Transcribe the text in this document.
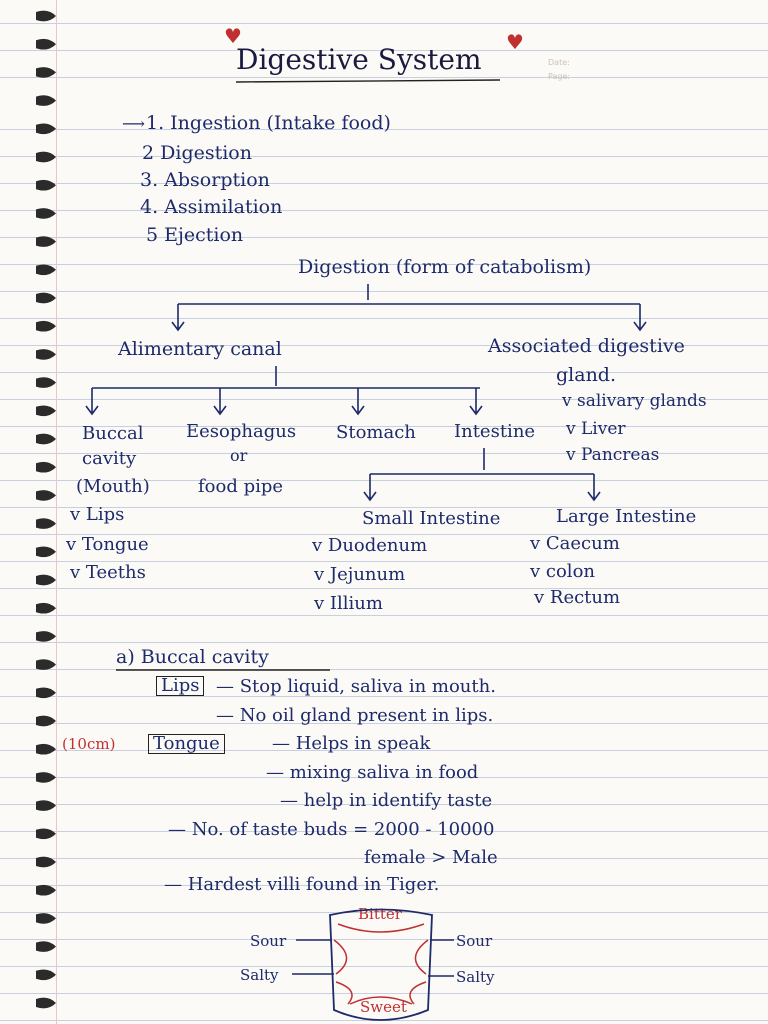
Date:
Page:
Digestive System
♥	♥
⟶ 1. Ingestion (Intake food)
2 Digestion
3. Absorption
4. Assimilation
5 Ejection
Digestion (form of catabolism)
Alimentary canal	Associated digestive
gland.
v salivary glands
v Liver
v Pancreas
Buccal
cavity
(Mouth)
Eesophagus
or
food pipe
Stomach Intestine
v Lips
v Tongue
v Teeths
Small Intestine
v Duodenum
v Jejunum
v Illium
Large Intestine
v Caecum
v colon
v Rectum
a) Buccal cavity
Lips — Stop liquid, saliva in mouth.
— No oil gland present in lips.
(10cm) Tongue	— Helps in speak
— mixing saliva in food
— help in identify taste
— No. of taste buds = 2000 - 10000
female > Male
— Hardest villi found in Tiger.
Bitter
Sour
Salty
Sour
Salty
Sweet
